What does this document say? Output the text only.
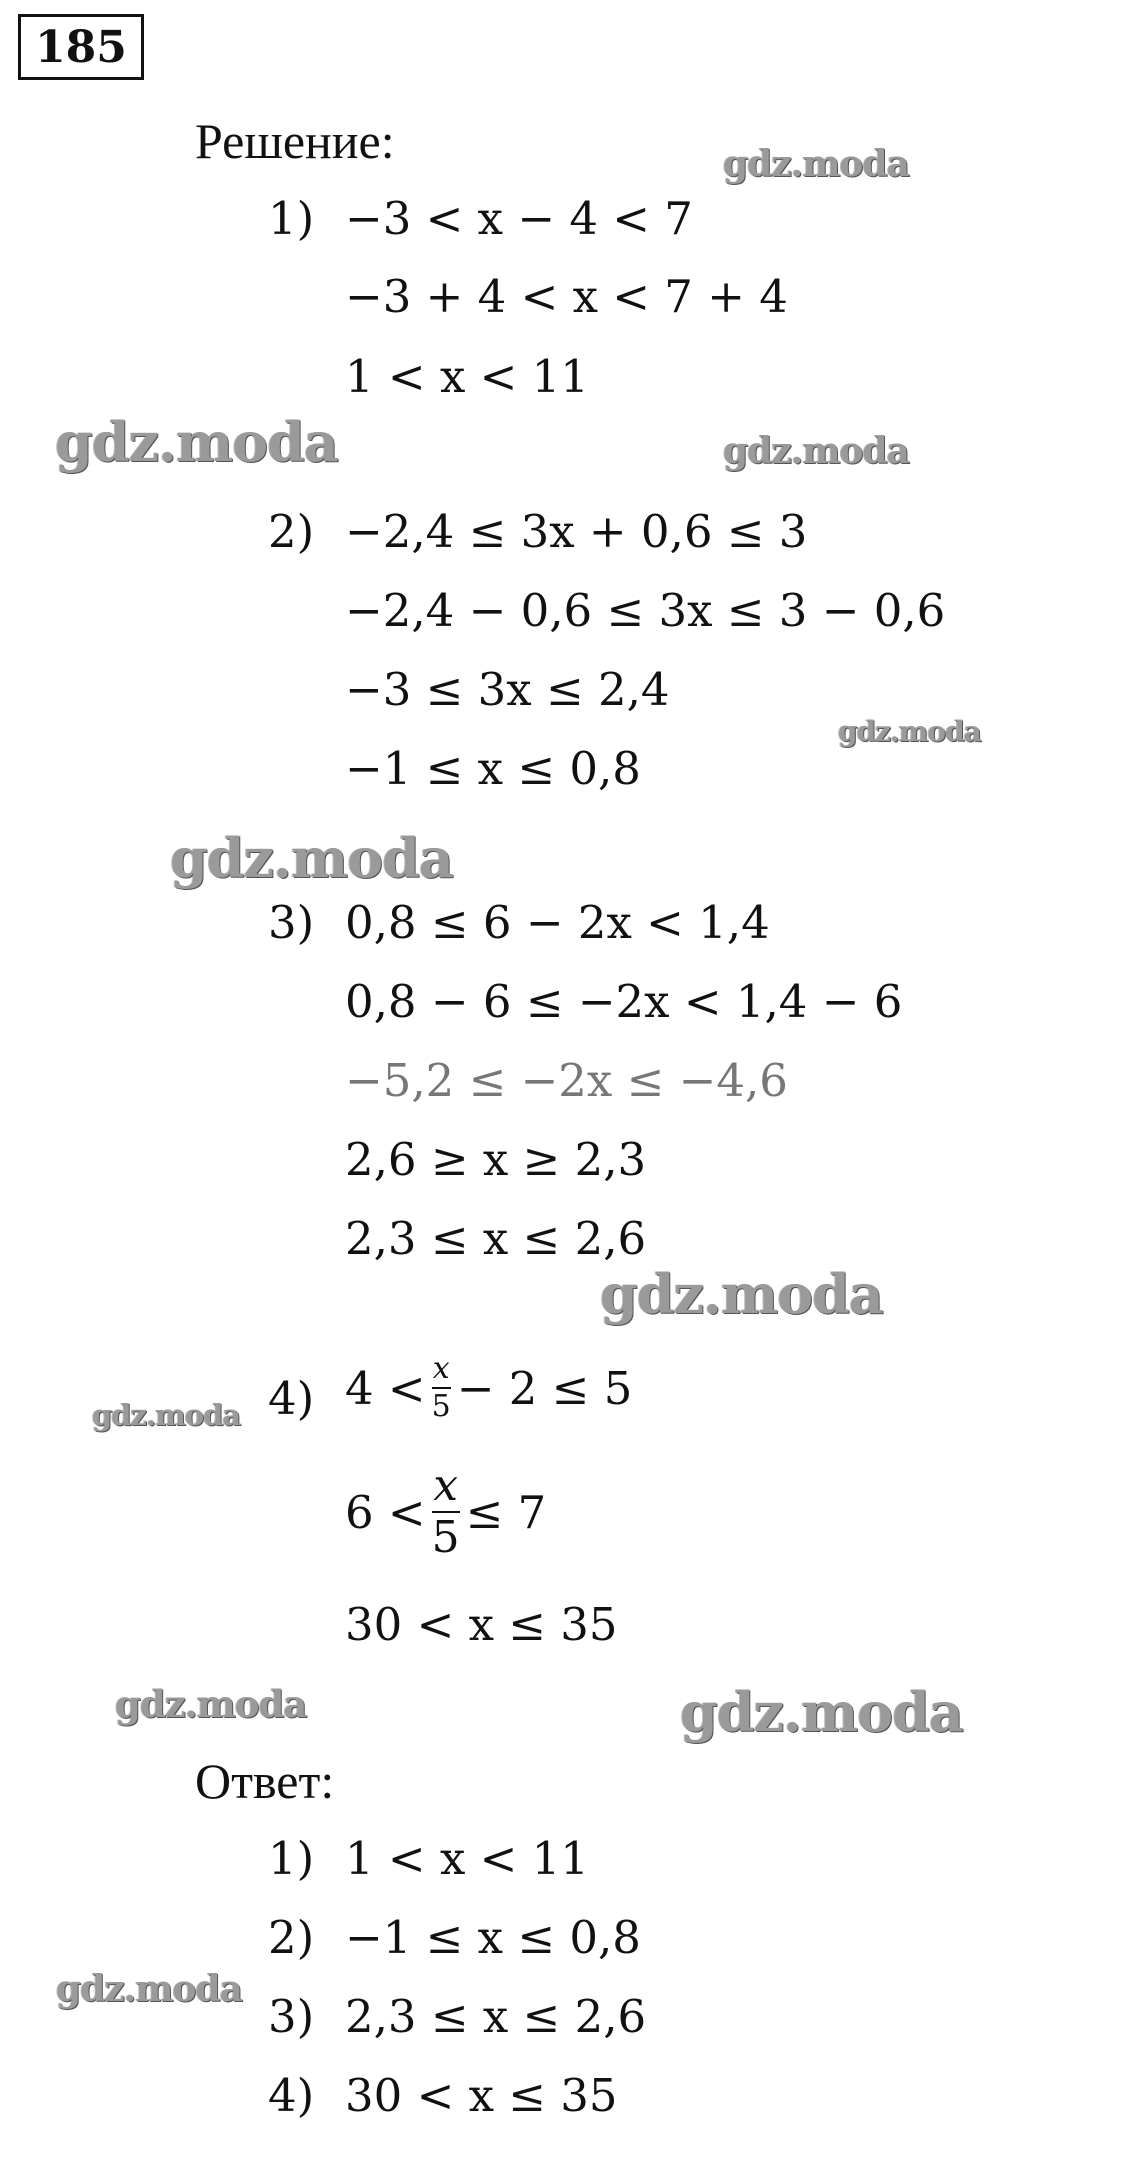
185
Решение:
1) −3 < x − 4 < 7
−3 + 4 < x < 7 + 4
1 < x < 11
2) −2,4 ≤ 3x + 0,6 ≤ 3
−2,4 − 0,6 ≤ 3x ≤ 3 − 0,6
−3 ≤ 3x ≤ 2,4
−1 ≤ x ≤ 0,8
3) 0,8 ≤ 6 − 2x < 1,4
0,8 − 6 ≤ −2x < 1,4 − 6
−5,2 ≤ −2x ≤ −4,6
2,6 ≥ x ≥ 2,3
2,3 ≤ x ≤ 2,6
4) $4 < \frac{x}{5} - 2 \le 5$
$6 < \frac{x}{5} \le 7$
30 < x ≤ 35
Ответ:
1) 1 < x < 11
2) −1 ≤ x ≤ 0,8
3) 2,3 ≤ x ≤ 2,6
4) 30 < x ≤ 35
gdz.moda
gdz.moda	gdz.moda
gdz.moda
gdz.moda
gdz.moda
gdz.moda
gdz.moda	gdz.moda
gdz.moda
